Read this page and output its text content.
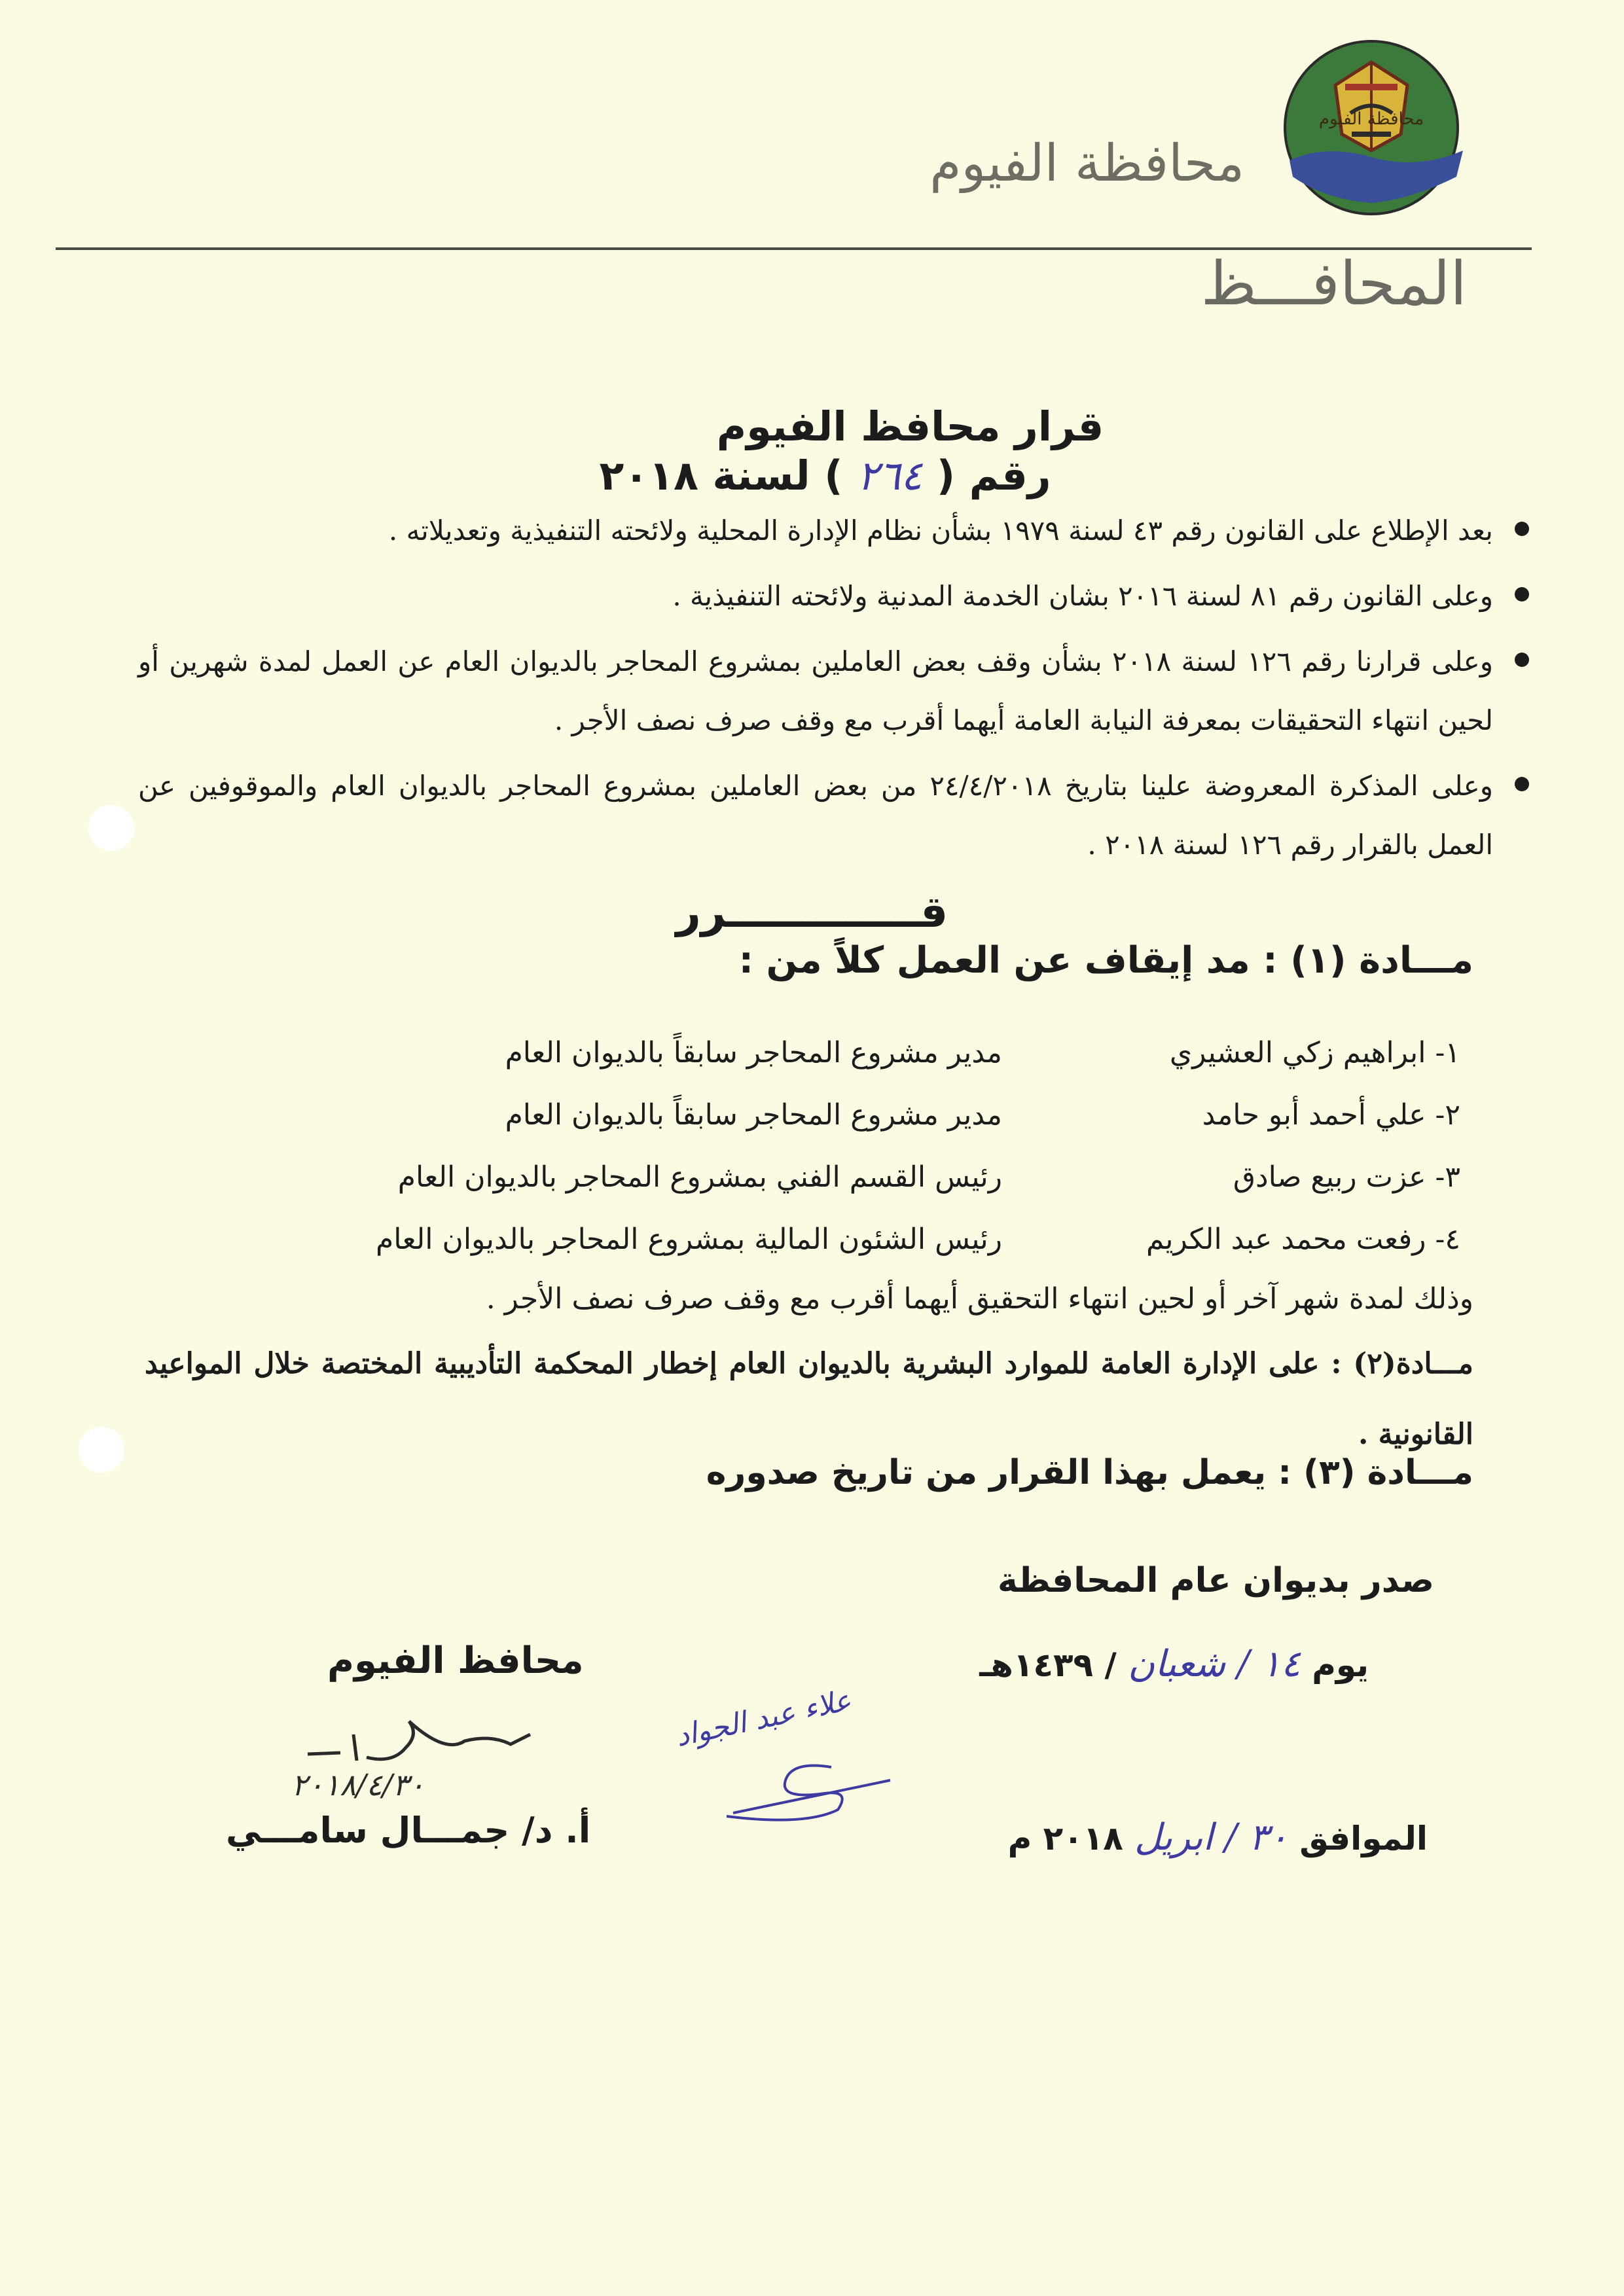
محافظة الفيوم
محافظة الفيوم
المحافـــظ
قرار محافظ الفيوم
رقم ( ٢٦٤ ) لسنة ٢٠١٨
بعد الإطلاع على القانون رقم ٤٣ لسنة ١٩٧٩ بشأن نظام الإدارة المحلية ولائحته التنفيذية وتعديلاته .
وعلى القانون رقم ٨١ لسنة ٢٠١٦ بشان الخدمة المدنية ولائحته التنفيذية .
وعلى قرارنا رقم ١٢٦ لسنة ٢٠١٨ بشأن وقف بعض العاملين بمشروع المحاجر بالديوان العام عن العمل لمدة شهرين أو لحين انتهاء التحقيقات بمعرفة النيابة العامة أيهما أقرب مع وقف صرف نصف الأجر .
وعلى المذكرة المعروضة علينا بتاريخ ٢٤/٤/٢٠١٨ من بعض العاملين بمشروع المحاجر بالديوان العام والموقوفين عن العمل بالقرار رقم ١٢٦ لسنة ٢٠١٨ .
قـــــــــــــرر
مـــادة (١) : مد إيقاف عن العمل كلاً من :
١- ابراهيم زكي العشيري
مدير مشروع المحاجر سابقاً بالديوان العام
٢- علي أحمد أبو حامد
مدير مشروع المحاجر سابقاً بالديوان العام
٣- عزت ربيع صادق
رئيس القسم الفني بمشروع المحاجر بالديوان العام
٤- رفعت محمد عبد الكريم
رئيس الشئون المالية بمشروع المحاجر بالديوان العام
وذلك لمدة شهر آخر أو لحين انتهاء التحقيق أيهما أقرب مع وقف صرف نصف الأجر .
مـــادة(٢) : على الإدارة العامة للموارد البشرية بالديوان العام إخطار المحكمة التأديبية المختصة خلال المواعيد القانونية .
مـــادة (٣) : يعمل بهذا القرار من تاريخ صدوره
صدر بديوان عام المحافظة
يوم ١٤ / شعبان / ١٤٣٩هـ
الموافق ٣٠ / ابريل ٢٠١٨ م
محافظ الفيوم
٢٠١٨/٤/٣٠
أ. د/ جمـــال سامـــي
علاء عبد الجواد
